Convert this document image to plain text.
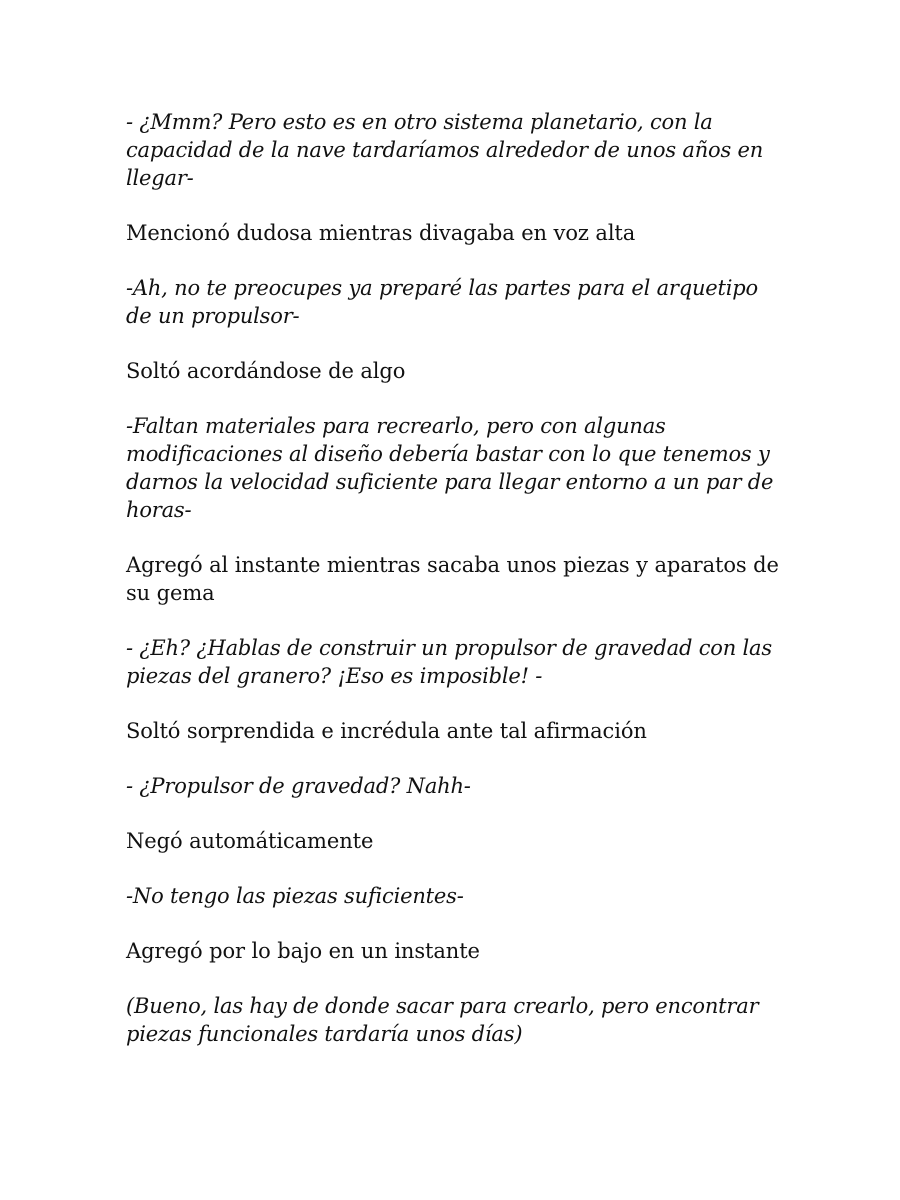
- ¿Mmm? Pero esto es en otro sistema planetario, con la capacidad de la nave tardaríamos alrededor de unos años en llegar-

Mencionó dudosa mientras divagaba en voz alta

-Ah, no te preocupes ya preparé las partes para el arquetipo de un propulsor-

Soltó acordándose de algo

-Faltan materiales para recrearlo, pero con algunas modificaciones al diseño debería bastar con lo que tenemos y darnos la velocidad suficiente para llegar entorno a un par de horas-

Agregó al instante mientras sacaba unos piezas y aparatos de su gema

- ¿Eh? ¿Hablas de construir un propulsor de gravedad con las piezas del granero? ¡Eso es imposible! -

Soltó sorprendida e incrédula ante tal afirmación

- ¿Propulsor de gravedad? Nahh-

Negó automáticamente

-No tengo las piezas suficientes-

Agregó por lo bajo en un instante

(Bueno, las hay de donde sacar para crearlo, pero encontrar piezas funcionales tardaría unos días)
